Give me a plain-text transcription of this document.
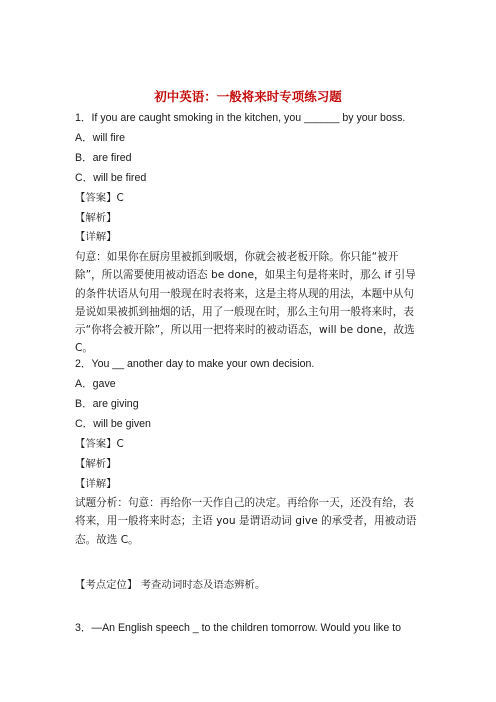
初中英语：一般将来时专项练习题
1．If you are caught smoking in the kitchen, you ______ by your boss.
A．will fire
B．are fired
C．will be fired
【答案】C
【解析】
【详解】
句意：如果你在厨房里被抓到吸烟，你就会被老板开除。你只能“被开除”，所以需要使用被动语态 be done，如果主句是将来时，那么 if 引导的条件状语从句用一般现在时表将来，这是主将从现的用法，本题中从句是说如果被抓到抽烟的话，用了一般现在时，那么主句用一般将来时，表示“你将会被开除”，所以用一把将来时的被动语态，will be done，故选 C。
2．You __ another day to make your own decision.
A．gave
B．are giving
C．will be given
【答案】C
【解析】
【详解】
试题分析：句意：再给你一天作自己的决定。再给你一天，还没有给，表将来，用一般将来时态；主语 you 是谓语动词 give 的承受者，用被动语态。故选 C。
【考点定位】 考查动词时态及语态辨析。
3．—An English speech _ to the children tomorrow. Would you like to
